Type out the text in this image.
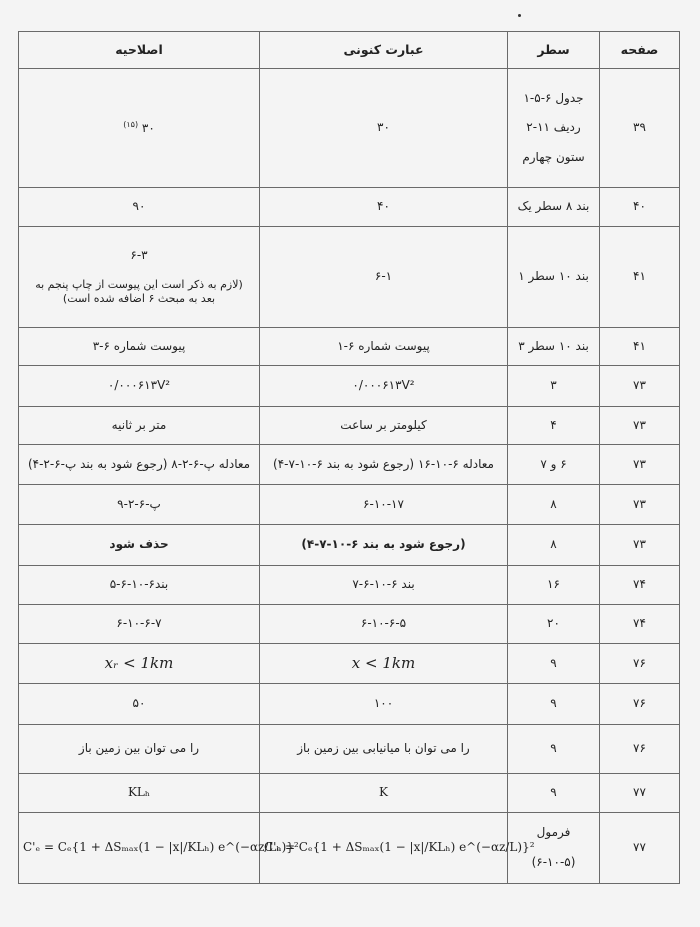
صفحه	سطر	عبارت کنونی	اصلاحیه
۳۹	جدول ۶-۵-۱
ردیف ۱۱-۲
ستون چهارم	۳۰	۳۰ $^{(۱۵)}$
۴۰	بند ۸ سطر یک	۴۰	۹۰
۴۱	بند ۱۰ سطر ۱	۶-۱	۶-۳
(لازم به ذکر است این پیوست از چاپ پنجم به
بعد به مبحث ۶ اضافه شده است)

۴۱	بند ۱۰ سطر ۳	پیوست شماره ۶-۱	پیوست شماره ۶-۳
۷۳	۳	۰/۰۰۰۶۱۳V²	۰/۰۰۰۶۱۳V²
۷۳	۴	کیلومتر بر ساعت	متر بر ثانیه
۷۳	۶ و ۷	معادله ۶-۱۰-۱۶ (رجوع شود به بند ۶-۱۰-۷-۴)	معادله پ-۶-۲-۸ (رجوع شود به بند پ-۶-۲-۴)
۷۳	۸	۶-۱۰-۱۷	پ-۶-۲-۹
۷۳	۸	(رجوع شود به بند ۶-۱۰-۷-۴)	حذف شود
۷۴	۱۶	بند ۶-۱۰-۶-۷	بند۶-۱۰-۶-۵
۷۴	۲۰	۶-۱۰-۶-۵	۶-۱۰-۶-۷
۷۶	۹	x < 1km	xᵣ < 1km
۷۶	۹	۱۰۰	۵۰
۷۶	۹	را می توان با میانیابی بین زمین باز	را می توان بین زمین باز
۷۷	۹	K	KLₕ
۷۷	فرمول
(۶-۱۰-۵)	C'ₑ = Cₑ{1 + ΔSₘₐₓ(1 − |x|/KLₕ) e^(−αz/L)}²	C'ₑ = Cₑ{1 + ΔSₘₐₓ(1 − |x|/KLₕ) e^(−αz/Lₕ)}²
